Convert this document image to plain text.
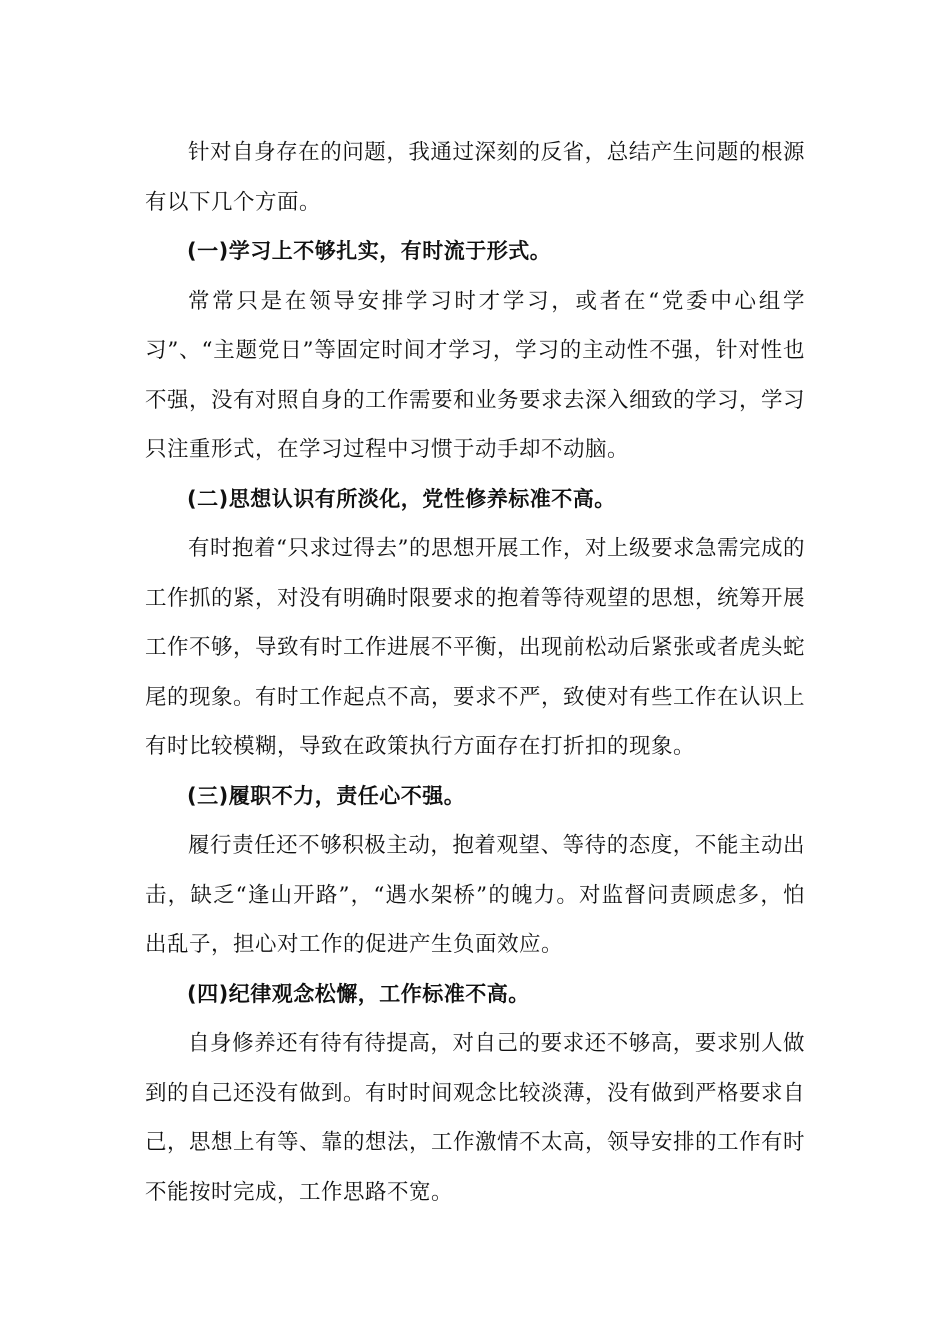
针对自身存在的问题，我通过深刻的反省，总结产生问题的根源有以下几个方面。

(一)学习上不够扎实，有时流于形式。

常常只是在领导安排学习时才学习，或者在“党委中心组学习”、“主题党日”等固定时间才学习，学习的主动性不强，针对性也不强，没有对照自身的工作需要和业务要求去深入细致的学习，学习只注重形式，在学习过程中习惯于动手却不动脑。

(二)思想认识有所淡化，党性修养标准不高。

有时抱着“只求过得去”的思想开展工作，对上级要求急需完成的工作抓的紧，对没有明确时限要求的抱着等待观望的思想，统筹开展工作不够，导致有时工作进展不平衡，出现前松动后紧张或者虎头蛇尾的现象。有时工作起点不高，要求不严，致使对有些工作在认识上有时比较模糊，导致在政策执行方面存在打折扣的现象。

(三)履职不力，责任心不强。

履行责任还不够积极主动，抱着观望、等待的态度，不能主动出击，缺乏“逢山开路”，“遇水架桥”的魄力。对监督问责顾虑多，怕出乱子，担心对工作的促进产生负面效应。

(四)纪律观念松懈，工作标准不高。

自身修养还有待有待提高，对自己的要求还不够高，要求别人做到的自己还没有做到。有时时间观念比较淡薄，没有做到严格要求自己，思想上有等、靠的想法，工作激情不太高，领导安排的工作有时不能按时完成，工作思路不宽。
